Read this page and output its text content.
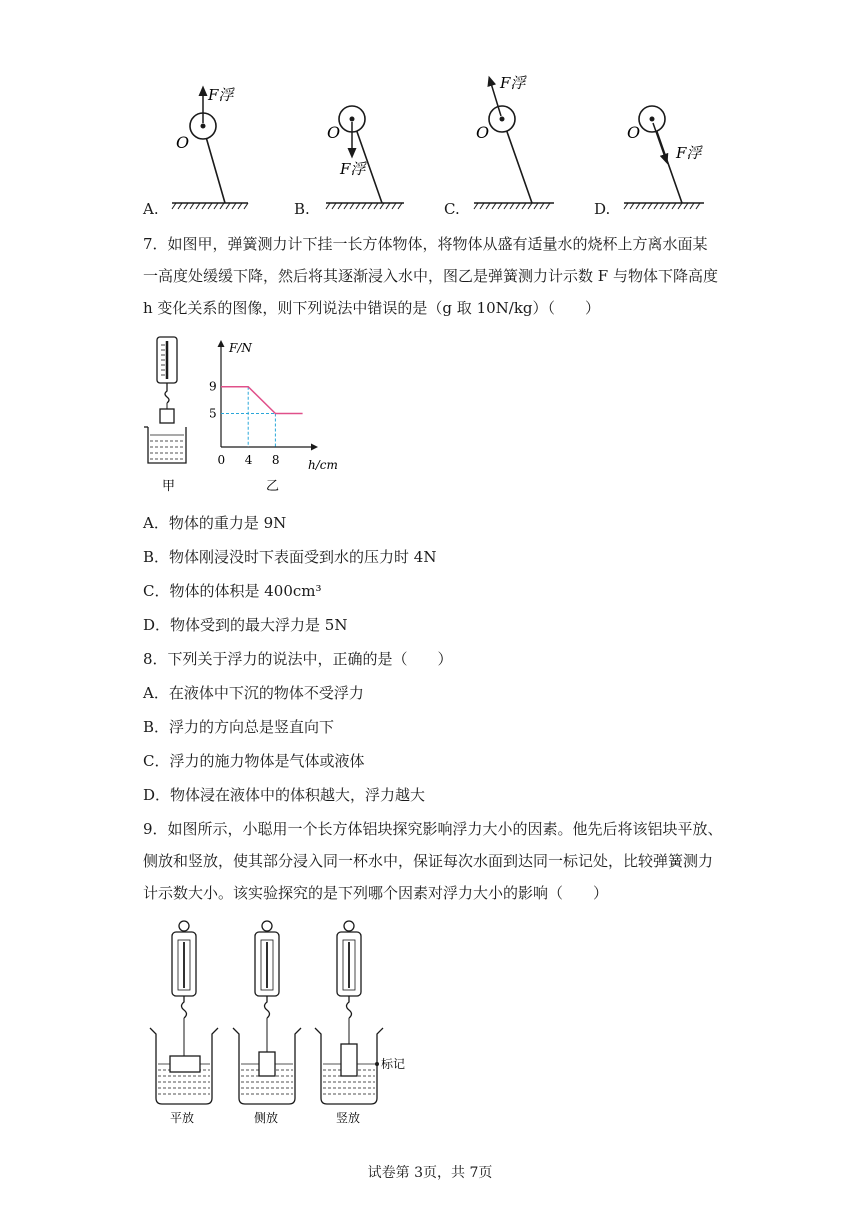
F浮
O
F浮
O
F浮
O
F浮
O
A.	B.	C.	D.
7．如图甲，弹簧测力计下挂一长方体物体，将物体从盛有适量水的烧杯上方离水面某
一高度处缓缓下降，然后将其逐渐浸入水中，图乙是弹簧测力计示数 F 与物体下降高度
h 变化关系的图像，则下列说法中错误的是（g 取 10N/kg）（　　）
甲
F/N
h/cm
0 4 8
9
5
乙
A．物体的重力是 9N
B．物体刚浸没时下表面受到水的压力时 4N
C．物体的体积是 400cm³
D．物体受到的最大浮力是 5N
8．下列关于浮力的说法中，正确的是（　　）
A．在液体中下沉的物体不受浮力
B．浮力的方向总是竖直向下
C．浮力的施力物体是气体或液体
D．物体浸在液体中的体积越大，浮力越大
9．如图所示，小聪用一个长方体铝块探究影响浮力大小的因素。他先后将该铝块平放、
侧放和竖放，使其部分浸入同一杯水中，保证每次水面到达同一标记处，比较弹簧测力
计示数大小。该实验探究的是下列哪个因素对浮力大小的影响（　　）
平放	侧放
标记
竖放
试卷第 3页，共 7页
